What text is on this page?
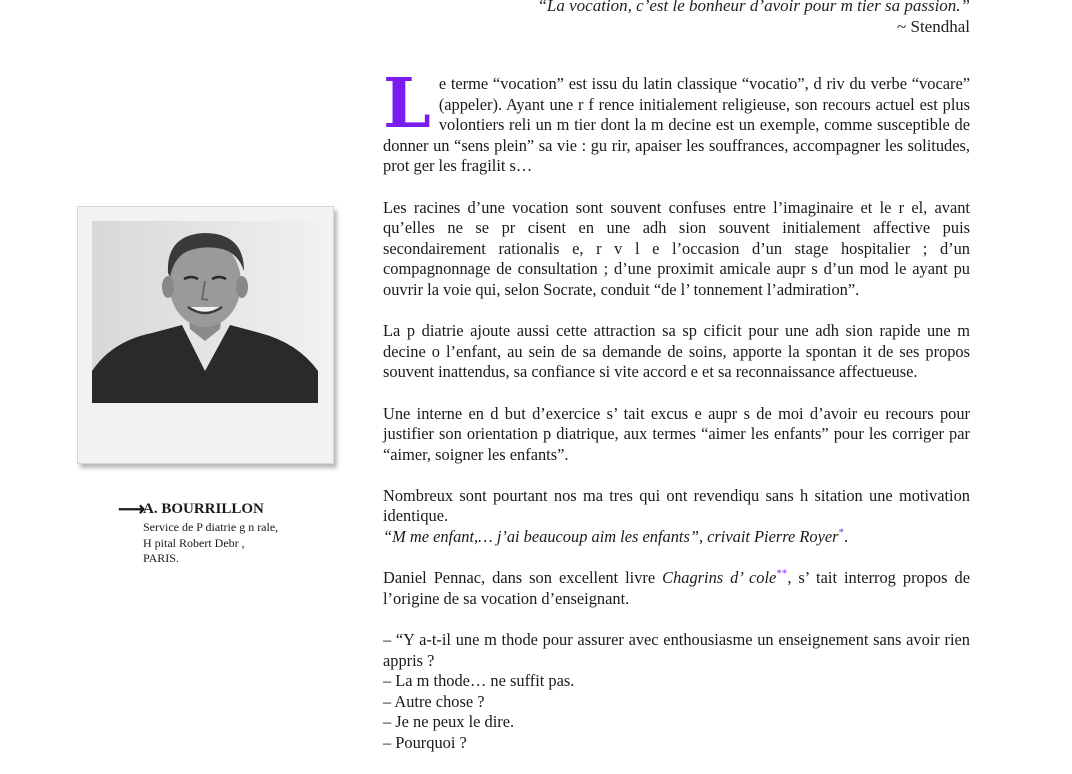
“La vocation, c’est le bonheur d’avoir pour m tier sa passion.”
~ Stendhal
⟶
A. BOURRILLON
Service de P diatrie g n rale,
H pital Robert Debr ,
PARIS.

Le terme “vocation” est issu du latin classique “vocatio”, d riv du verbe “vocare” (appeler). Ayant une r f rence initialement religieuse, son recours actuel est plus volontiers reli un m tier dont la m decine est un exemple, comme susceptible de donner un “sens plein” sa vie : gu rir, apaiser les souffrances, accompagner les solitudes, prot ger les fragilit s…

Les racines d’une vocation sont souvent confuses entre l’imaginaire et le r el, avant qu’elles ne se pr cisent en une adh sion souvent initialement affective puis secondairement rationalis e, r v l e l’occasion d’un stage hospitalier ; d’un compagnonnage de consultation ; d’une proximit amicale aupr s d’un mod le ayant pu ouvrir la voie qui, selon Socrate, conduit “de l’ tonnement l’admiration”.

La p diatrie ajoute aussi cette attraction sa sp cificit pour une adh sion rapide une m decine o l’enfant, au sein de sa demande de soins, apporte la spontan it de ses propos souvent inattendus, sa confiance si vite accord e et sa reconnaissance affectueuse.

Une interne en d but d’exercice s’ tait excus e aupr s de moi d’avoir eu recours pour justifier son orientation p diatrique, aux termes “aimer les enfants” pour les corriger par “aimer, soigner les enfants”.

Nombreux sont pourtant nos ma tres qui ont revendiqu sans h sitation une motivation identique.
“M me enfant,… j’ai beaucoup aim les enfants”, crivait Pierre Royer*.

Daniel Pennac, dans son excellent livre Chagrins d’ cole**, s’ tait interrog propos de l’origine de sa vocation d’enseignant.

– “Y a-t-il une m thode pour assurer avec enthousiasme un enseignement sans avoir rien appris ?
– La m thode… ne suffit pas.
– Autre chose ?
– Je ne peux le dire.
– Pourquoi ?
